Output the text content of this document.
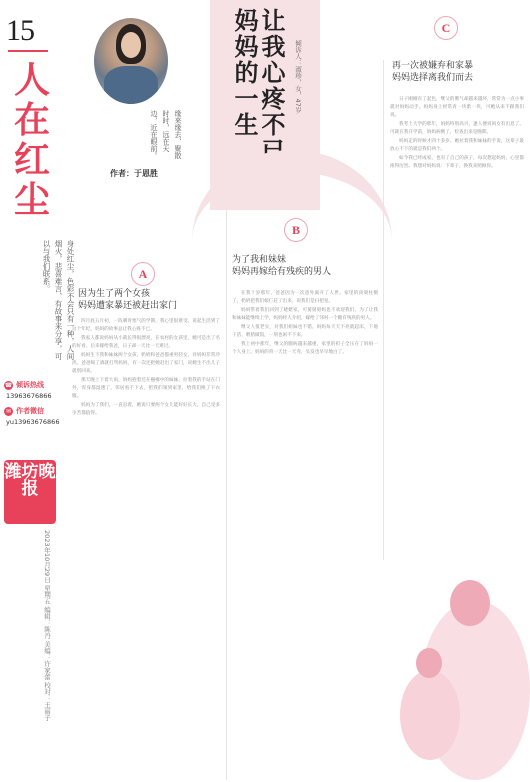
15
人在红尘
身处红尘，色彩不会只有一种，人间烟火，悲喜难言，有故事来分享，可以与我们联系。
☎ 倾诉热线
13963676866
✉ 作者微信
yu13963676866
潍坊晚报
2023年10月29日 星期五 编辑：陈丹 美编：许家蕾 校对：王丽子
缘来缘去，聚散时时，远在天边，近在眼前。
作者：于恩胜
让我心疼不已妈妈的一生	倾诉人：淑珍，女，47岁
A
因为生了两个女孩
妈妈遭家暴还被赶出家门

四月底五月初，一阵刺骨寒气的学期，我心里很难受。说起生活到了这个年纪，妈妈的故事总让我心疼不已。

我家人都说妈妈从小就长得很漂亮，在农村的女孩里，她可是出了名的好看。后来嫁给我爸，日子却一天比一天难过。

妈妈生下我和妹妹两个女孩，奶奶和爸爸都重男轻女，对妈妈非常冷淡。爸爸喝了酒就打骂妈妈，有一次还把她赶出了家门，说她生不出儿子就别回来。

那天晚上下着大雨，妈妈抱着还在襁褓中的妹妹，拉着我的手站在门外，浑身都湿透了。邻居看不下去，把我们领到家里，给我们换了干衣服。

妈妈为了我们，一直忍着，她说只要两个女儿能好好长大，自己受多少苦都值得。

B
为了我和妹妹
妈妈再嫁给有残疾的男人

在我十岁那年，爸爸因为一次意外离开了人世。家里的顶梁柱倒了，奶奶把我们娘仨赶了出来，说我们是扫把星。

妈妈带着我们回到了姥姥家，可舅舅舅妈也不欢迎我们。为了让我和妹妹能继续上学，妈妈经人介绍，嫁给了邻村一个腿有残疾的男人。

继父人很老实，对我们姐妹也不错。妈妈每天天不亮就起床，下地干活、喂猪做饭，一刻也闲不下来。

我上初中那年，继父的腿病越来越重，家里的担子全压在了妈妈一个人身上。妈妈的背一天比一天弯，头发也早早地白了。

C
再一次被嫌弃和家暴
妈妈选择离我们而去

日子刚刚有了起色，继父的脾气却越来越坏，常常为一点小事就对妈妈动手。妈妈身上经常青一块紫一块，可她从来不跟我们说。

我考上大学的那年，妈妈特别高兴，逢人便说闺女有出息了。可就在我开学前，妈妈病倒了，检查出来是晚期。

妈妈走的时候才四十多岁。她拉着我和妹妹的手说，这辈子最放心不下的就是我们两个。

如今我已经成家，也有了自己的孩子，每次想起妈妈，心里都疼得厉害。我想对妈妈说：下辈子，换我来照顾你。
